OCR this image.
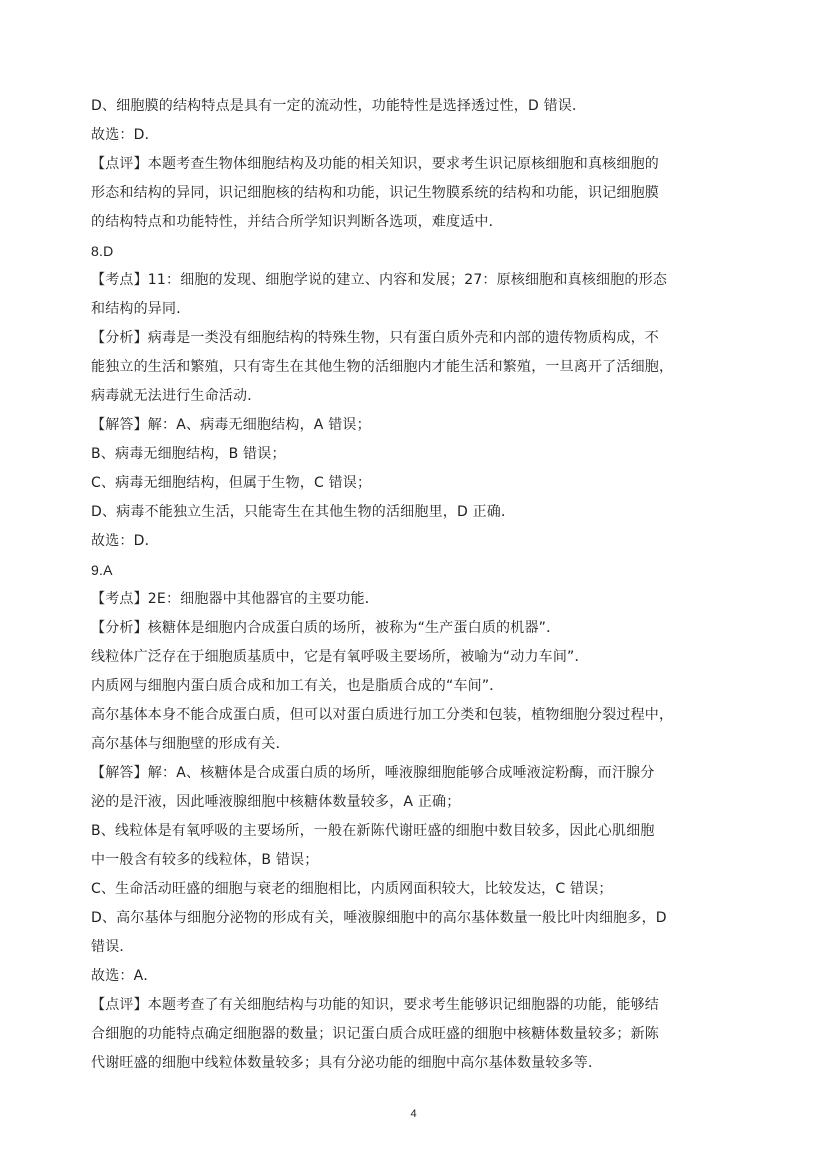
D、细胞膜的结构特点是具有一定的流动性，功能特性是选择透过性，D 错误．

故选：D．

【点评】本题考查生物体细胞结构及功能的相关知识，要求考生识记原核细胞和真核细胞的

形态和结构的异同，识记细胞核的结构和功能，识记生物膜系统的结构和功能，识记细胞膜

的结构特点和功能特性，并结合所学知识判断各选项，难度适中．

8.D

【考点】11：细胞的发现、细胞学说的建立、内容和发展；27：原核细胞和真核细胞的形态

和结构的异同．

【分析】病毒是一类没有细胞结构的特殊生物，只有蛋白质外壳和内部的遗传物质构成，不

能独立的生活和繁殖，只有寄生在其他生物的活细胞内才能生活和繁殖，一旦离开了活细胞，

病毒就无法进行生命活动．

【解答】解：A、病毒无细胞结构，A 错误；

B、病毒无细胞结构，B 错误；

C、病毒无细胞结构，但属于生物，C 错误；

D、病毒不能独立生活，只能寄生在其他生物的活细胞里，D 正确．

故选：D．

9.A

【考点】2E：细胞器中其他器官的主要功能．

【分析】核糖体是细胞内合成蛋白质的场所，被称为“生产蛋白质的机器”．

线粒体广泛存在于细胞质基质中，它是有氧呼吸主要场所，被喻为“动力车间”．

内质网与细胞内蛋白质合成和加工有关，也是脂质合成的“车间”．

高尔基体本身不能合成蛋白质，但可以对蛋白质进行加工分类和包装，植物细胞分裂过程中，

高尔基体与细胞壁的形成有关．

【解答】解：A、核糖体是合成蛋白质的场所，唾液腺细胞能够合成唾液淀粉酶，而汗腺分

泌的是汗液，因此唾液腺细胞中核糖体数量较多，A 正确；

B、线粒体是有氧呼吸的主要场所，一般在新陈代谢旺盛的细胞中数目较多，因此心肌细胞

中一般含有较多的线粒体，B 错误；

C、生命活动旺盛的细胞与衰老的细胞相比，内质网面积较大，比较发达，C 错误；

D、高尔基体与细胞分泌物的形成有关，唾液腺细胞中的高尔基体数量一般比叶肉细胞多，D

错误．

故选：A．

【点评】本题考查了有关细胞结构与功能的知识，要求考生能够识记细胞器的功能，能够结

合细胞的功能特点确定细胞器的数量；识记蛋白质合成旺盛的细胞中核糖体数量较多；新陈

代谢旺盛的细胞中线粒体数量较多；具有分泌功能的细胞中高尔基体数量较多等．

4
